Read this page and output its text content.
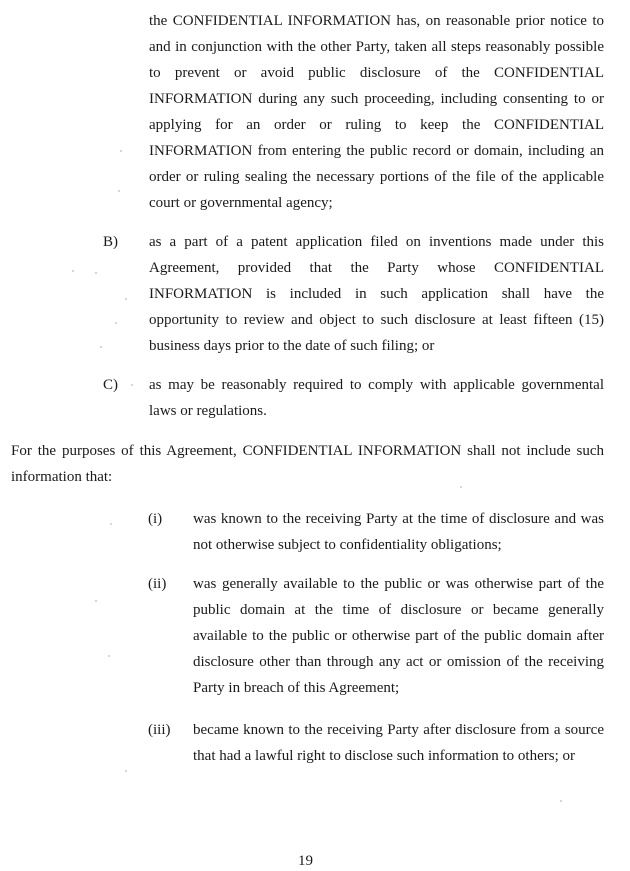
the CONFIDENTIAL INFORMATION has, on reasonable prior notice to
and in conjunction with the other Party, taken all steps reasonably possible
to prevent or avoid public disclosure of the CONFIDENTIAL
INFORMATION during any such proceeding, including consenting to or
applying for an order or ruling to keep the CONFIDENTIAL
INFORMATION from entering the public record or domain, including an
order or ruling sealing the necessary portions of the file of the applicable
court or governmental agency;
B) as a part of a patent application filed on inventions made under this
Agreement, provided that the Party whose CONFIDENTIAL
INFORMATION is included in such application shall have the
opportunity to review and object to such disclosure at least fifteen (15)
business days prior to the date of such filing; or
C) as may be reasonably required to comply with applicable governmental
laws or regulations.
For the purposes of this Agreement, CONFIDENTIAL INFORMATION shall not include such
information that:
(i) was known to the receiving Party at the time of disclosure and was
not otherwise subject to confidentiality obligations;
(ii) was generally available to the public or was otherwise part of the
public domain at the time of disclosure or became generally
available to the public or otherwise part of the public domain after
disclosure other than through any act or omission of the receiving
Party in breach of this Agreement;
(iii) became known to the receiving Party after disclosure from a source
that had a lawful right to disclose such information to others; or
19
